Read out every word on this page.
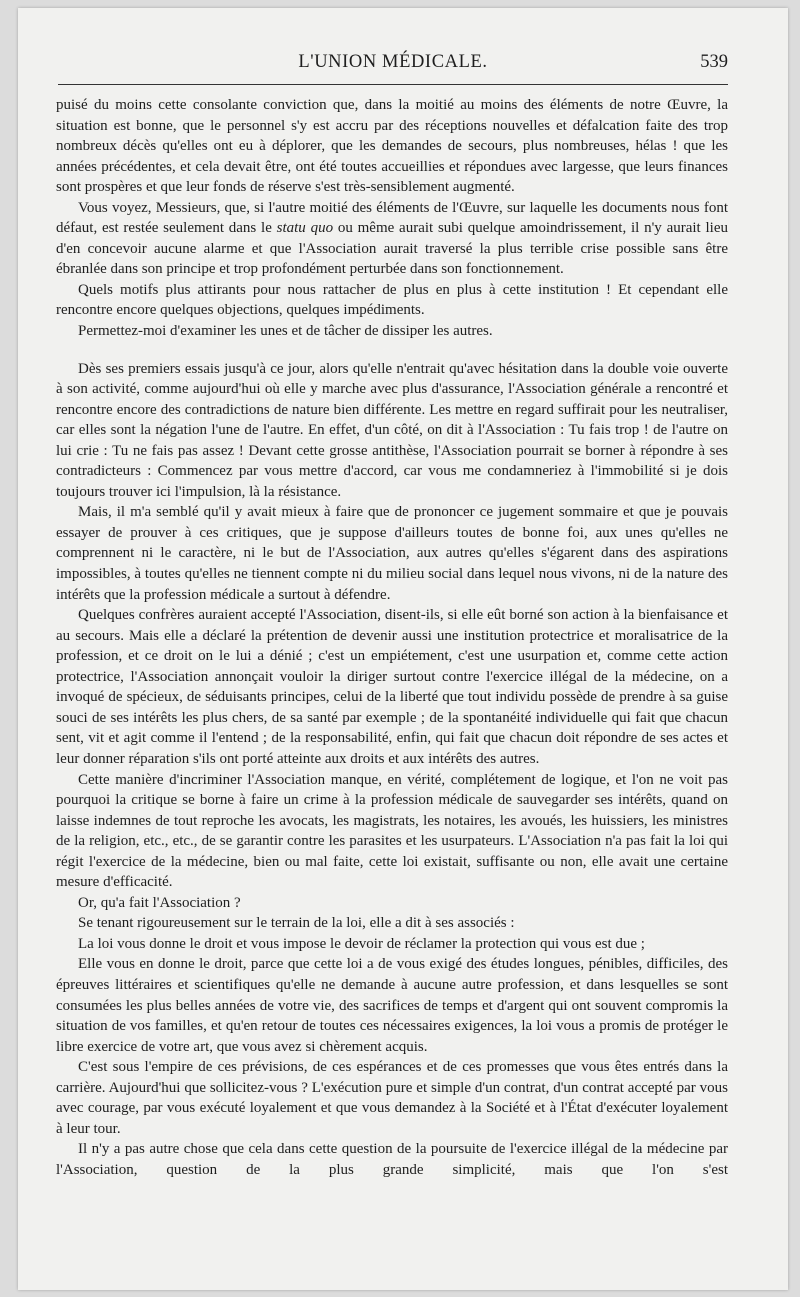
L'UNION MÉDICALE.	539

puisé du moins cette consolante conviction que, dans la moitié au moins des éléments de notre Œuvre, la situation est bonne, que le personnel s'y est accru par des réceptions nouvelles et défalcation faite des trop nombreux décès qu'elles ont eu à déplorer, que les demandes de secours, plus nombreuses, hélas ! que les années précédentes, et cela devait être, ont été toutes accueillies et répondues avec largesse, que leurs finances sont prospères et que leur fonds de réserve s'est très-sensiblement augmenté.

Vous voyez, Messieurs, que, si l'autre moitié des éléments de l'Œuvre, sur laquelle les documents nous font défaut, est restée seulement dans le statu quo ou même aurait subi quelque amoindrissement, il n'y aurait lieu d'en concevoir aucune alarme et que l'Association aurait traversé la plus terrible crise possible sans être ébranlée dans son principe et trop profondément perturbée dans son fonctionnement.

Quels motifs plus attirants pour nous rattacher de plus en plus à cette institution ! Et cependant elle rencontre encore quelques objections, quelques impédiments.

Permettez-moi d'examiner les unes et de tâcher de dissiper les autres.

Dès ses premiers essais jusqu'à ce jour, alors qu'elle n'entrait qu'avec hésitation dans la double voie ouverte à son activité, comme aujourd'hui où elle y marche avec plus d'assurance, l'Association générale a rencontré et rencontre encore des contradictions de nature bien différente. Les mettre en regard suffirait pour les neutraliser, car elles sont la négation l'une de l'autre. En effet, d'un côté, on dit à l'Association : Tu fais trop ! de l'autre on lui crie : Tu ne fais pas assez ! Devant cette grosse antithèse, l'Association pourrait se borner à répondre à ses contradicteurs : Commencez par vous mettre d'accord, car vous me condamneriez à l'immobilité si je dois toujours trouver ici l'impulsion, là la résistance.

Mais, il m'a semblé qu'il y avait mieux à faire que de prononcer ce jugement sommaire et que je pouvais essayer de prouver à ces critiques, que je suppose d'ailleurs toutes de bonne foi, aux unes qu'elles ne comprennent ni le caractère, ni le but de l'Association, aux autres qu'elles s'égarent dans des aspirations impossibles, à toutes qu'elles ne tiennent compte ni du milieu social dans lequel nous vivons, ni de la nature des intérêts que la profession médicale a surtout à défendre.

Quelques confrères auraient accepté l'Association, disent-ils, si elle eût borné son action à la bienfaisance et au secours. Mais elle a déclaré la prétention de devenir aussi une institution protectrice et moralisatrice de la profession, et ce droit on le lui a dénié ; c'est un empiétement, c'est une usurpation et, comme cette action protectrice, l'Association annonçait vouloir la diriger surtout contre l'exercice illégal de la médecine, on a invoqué de spécieux, de séduisants principes, celui de la liberté que tout individu possède de prendre à sa guise souci de ses intérêts les plus chers, de sa santé par exemple ; de la spontanéité individuelle qui fait que chacun sent, vit et agit comme il l'entend ; de la responsabilité, enfin, qui fait que chacun doit répondre de ses actes et leur donner réparation s'ils ont porté atteinte aux droits et aux intérêts des autres.

Cette manière d'incriminer l'Association manque, en vérité, complétement de logique, et l'on ne voit pas pourquoi la critique se borne à faire un crime à la profession médicale de sauvegarder ses intérêts, quand on laisse indemnes de tout reproche les avocats, les magistrats, les notaires, les avoués, les huissiers, les ministres de la religion, etc., etc., de se garantir contre les parasites et les usurpateurs. L'Association n'a pas fait la loi qui régit l'exercice de la médecine, bien ou mal faite, cette loi existait, suffisante ou non, elle avait une certaine mesure d'efficacité.

Or, qu'a fait l'Association ?

Se tenant rigoureusement sur le terrain de la loi, elle a dit à ses associés :

La loi vous donne le droit et vous impose le devoir de réclamer la protection qui vous est due ;

Elle vous en donne le droit, parce que cette loi a de vous exigé des études longues, pénibles, difficiles, des épreuves littéraires et scientifiques qu'elle ne demande à aucune autre profession, et dans lesquelles se sont consumées les plus belles années de votre vie, des sacrifices de temps et d'argent qui ont souvent compromis la situation de vos familles, et qu'en retour de toutes ces nécessaires exigences, la loi vous a promis de protéger le libre exercice de votre art, que vous avez si chèrement acquis.

C'est sous l'empire de ces prévisions, de ces espérances et de ces promesses que vous êtes entrés dans la carrière. Aujourd'hui que sollicitez-vous ? L'exécution pure et simple d'un contrat, d'un contrat accepté par vous avec courage, par vous exécuté loyalement et que vous demandez à la Société et à l'État d'exécuter loyalement à leur tour.

Il n'y a pas autre chose que cela dans cette question de la poursuite de l'exercice illégal de la médecine par l'Association, question de la plus grande simplicité, mais que l'on s'est
